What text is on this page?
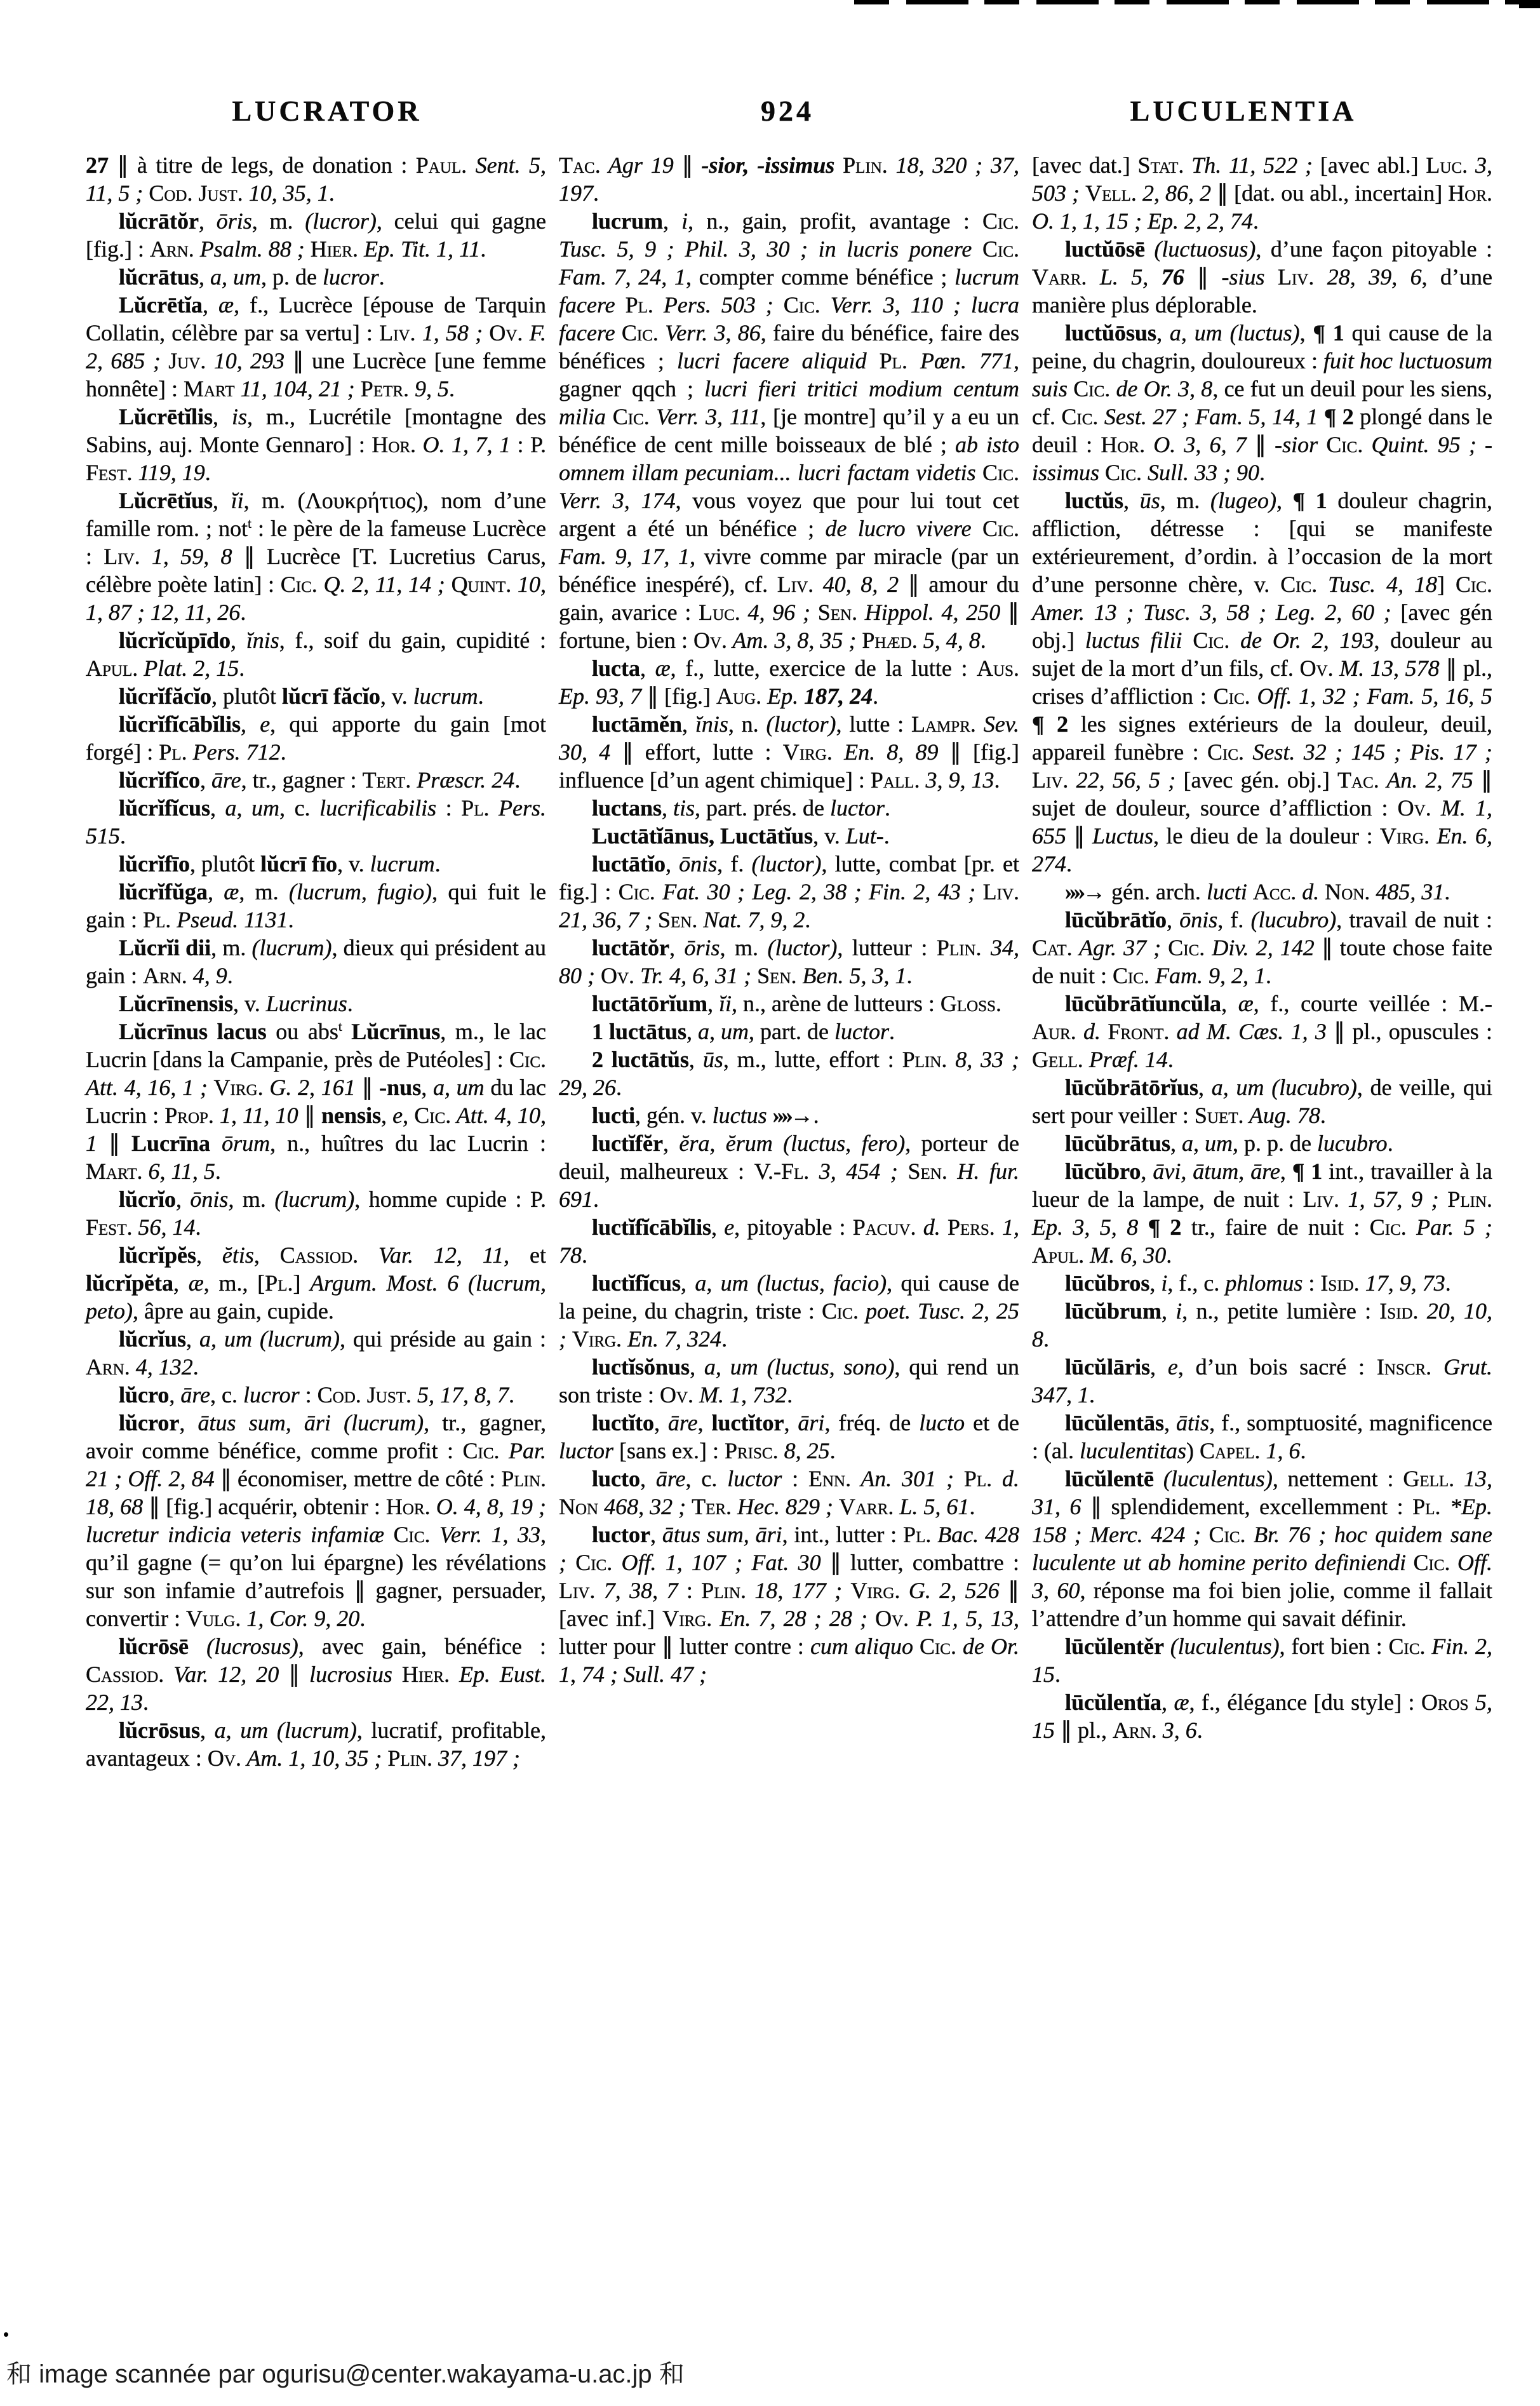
LUCRATOR	924	LUCULENTIA

27 ∥ à titre de legs, de donation : Paul. Sent. 5, 11, 5 ; Cod. Just. 10, 35, 1.

lŭcrātŏr, ōris, m. (lucror), celui qui gagne [fig.] : Arn. Psalm. 88 ; Hier. Ep. Tit. 1, 11.

lŭcrātus, a, um, p. de lucror.

Lŭcrētĭa, æ, f., Lucrèce [épouse de Tarquin Collatin, célèbre par sa vertu] : Liv. 1, 58 ; Ov. F. 2, 685 ; Juv. 10, 293 ∥ une Lucrèce [une femme honnête] : Mart 11, 104, 21 ; Petr. 9, 5.

Lŭcrētĭlis, is, m., Lucrétile [montagne des Sabins, auj. Monte Gennaro] : Hor. O. 1, 7, 1 : P. Fest. 119, 19.

Lŭcrētĭus, ĭi, m. (Λουκρήτιος), nom d’une famille rom. ; not$^t$ : le père de la fameuse Lucrèce : Liv. 1, 59, 8 ∥ Lucrèce [T. Lucretius Carus, célèbre poète latin] : Cic. Q. 2, 11, 14 ; Quint. 10, 1, 87 ; 12, 11, 26.

lŭcrĭcŭpīdo, ĭnis, f., soif du gain, cupidité : Apul. Plat. 2, 15.

lŭcrĭfăcĭo, plutôt lŭcrī făcĭo, v. lucrum.

lŭcrĭfĭcābĭlis, e, qui apporte du gain [mot forgé] : Pl. Pers. 712.

lŭcrĭfĭco, āre, tr., gagner : Tert. Præscr. 24.

lŭcrĭfĭcus, a, um, c. lucrificabilis : Pl. Pers. 515.

lŭcrĭfīo, plutôt lŭcrī fīo, v. lucrum.

lŭcrĭfŭga, æ, m. (lucrum, fugio), qui fuit le gain : Pl. Pseud. 1131.

Lŭcrĭi dii, m. (lucrum), dieux qui président au gain : Arn. 4, 9.

Lŭcrīnensis, v. Lucrinus.

Lŭcrīnus lacus ou abs$^t$ Lŭcrīnus, m., le lac Lucrin [dans la Campanie, près de Putéoles] : Cic. Att. 4, 16, 1 ; Virg. G. 2, 161 ∥ -nus, a, um du lac Lucrin : Prop. 1, 11, 10 ∥ nensis, e, Cic. Att. 4, 10, 1 ∥ Lucrīna ōrum, n., huîtres du lac Lucrin : Mart. 6, 11, 5.

lŭcrĭo, ōnis, m. (lucrum), homme cupide : P. Fest. 56, 14.

lŭcrĭpĕs, ĕtis, Cassiod. Var. 12, 11, et lŭcrĭpĕta, æ, m., [Pl.] Argum. Most. 6 (lucrum, peto), âpre au gain, cupide.

lŭcrĭus, a, um (lucrum), qui préside au gain : Arn. 4, 132.

lŭcro, āre, c. lucror : Cod. Just. 5, 17, 8, 7.

lŭcror, ātus sum, āri (lucrum), tr., gagner, avoir comme bénéfice, comme profit : Cic. Par. 21 ; Off. 2, 84 ∥ économiser, mettre de côté : Plin. 18, 68 ∥ [fig.] acquérir, obtenir : Hor. O. 4, 8, 19 ; lucretur indicia veteris infamiæ Cic. Verr. 1, 33, qu’il gagne (= qu’on lui épargne) les révélations sur son infamie d’autrefois ∥ gagner, persuader, convertir : Vulg. 1, Cor. 9, 20.

lŭcrōsē (lucrosus), avec gain, bénéfice : Cassiod. Var. 12, 20 ∥ lucrosius Hier. Ep. Eust. 22, 13.

lŭcrōsus, a, um (lucrum), lucratif, profitable, avantageux : Ov. Am. 1, 10, 35 ; Plin. 37, 197 ;

Tac. Agr 19 ∥ -sior, -issimus Plin. 18, 320 ; 37, 197.

lucrum, i, n., gain, profit, avantage : Cic. Tusc. 5, 9 ; Phil. 3, 30 ; in lucris ponere Cic. Fam. 7, 24, 1, compter comme bénéfice ; lucrum facere Pl. Pers. 503 ; Cic. Verr. 3, 110 ; lucra facere Cic. Verr. 3, 86, faire du bénéfice, faire des bénéfices ; lucri facere aliquid Pl. Pœn. 771, gagner qqch ; lucri fieri tritici modium centum milia Cic. Verr. 3, 111, [je montre] qu’il y a eu un bénéfice de cent mille boisseaux de blé ; ab isto omnem illam pecuniam... lucri factam videtis Cic. Verr. 3, 174, vous voyez que pour lui tout cet argent a été un bénéfice ; de lucro vivere Cic. Fam. 9, 17, 1, vivre comme par miracle (par un bénéfice inespéré), cf. Liv. 40, 8, 2 ∥ amour du gain, avarice : Luc. 4, 96 ; Sen. Hippol. 4, 250 ∥ fortune, bien : Ov. Am. 3, 8, 35 ; Phæd. 5, 4, 8.

lucta, æ, f., lutte, exercice de la lutte : Aus. Ep. 93, 7 ∥ [fig.] Aug. Ep. 187, 24.

luctāměn, ĭnis, n. (luctor), lutte : Lampr. Sev. 30, 4 ∥ effort, lutte : Virg. En. 8, 89 ∥ [fig.] influence [d’un agent chimique] : Pall. 3, 9, 13.

luctans, tis, part. prés. de luctor.

Luctātĭānus, Luctātĭus, v. Lut-.

luctātĭo, ōnis, f. (luctor), lutte, combat [pr. et fig.] : Cic. Fat. 30 ; Leg. 2, 38 ; Fin. 2, 43 ; Liv. 21, 36, 7 ; Sen. Nat. 7, 9, 2.

luctātŏr, ōris, m. (luctor), lutteur : Plin. 34, 80 ; Ov. Tr. 4, 6, 31 ; Sen. Ben. 5, 3, 1.

luctātōrĭum, ĭi, n., arène de lutteurs : Gloss.

1 luctātus, a, um, part. de luctor.

2 luctātŭs, ūs, m., lutte, effort : Plin. 8, 33 ; 29, 26.

lucti, gén. v. luctus »»→ .

luctĭfĕr, ĕra, ĕrum (luctus, fero), porteur de deuil, malheureux : V.-Fl. 3, 454 ; Sen. H. fur. 691.

luctĭfĭcābĭlis, e, pitoyable : Pacuv. d. Pers. 1, 78.

luctĭfĭcus, a, um (luctus, facio), qui cause de la peine, du chagrin, triste : Cic. poet. Tusc. 2, 25 ; Virg. En. 7, 324.

luctĭsŏnus, a, um (luctus, sono), qui rend un son triste : Ov. M. 1, 732.

luctĭto, āre, luctĭtor, āri, fréq. de lucto et de luctor [sans ex.] : Prisc. 8, 25.

lucto, āre, c. luctor : Enn. An. 301 ; Pl. d. Non 468, 32 ; Ter. Hec. 829 ; Varr. L. 5, 61.

luctor, ātus sum, āri, int., lutter : Pl. Bac. 428 ; Cic. Off. 1, 107 ; Fat. 30 ∥ lutter, combattre : Liv. 7, 38, 7 : Plin. 18, 177 ; Virg. G. 2, 526 ∥ [avec inf.] Virg. En. 7, 28 ; 28 ; Ov. P. 1, 5, 13, lutter pour ∥ lutter contre : cum aliquo Cic. de Or. 1, 74 ; Sull. 47 ;

[avec dat.] Stat. Th. 11, 522 ; [avec abl.] Luc. 3, 503 ; Vell. 2, 86, 2 ∥ [dat. ou abl., incertain] Hor. O. 1, 1, 15 ; Ep. 2, 2, 74.

luctŭōsē (luctuosus), d’une façon pitoyable : Varr. L. 5, 76 ∥ -sius Liv. 28, 39, 6, d’une manière plus déplorable.

luctŭōsus, a, um (luctus), ¶ 1 qui cause de la peine, du chagrin, douloureux : fuit hoc luctuosum suis Cic. de Or. 3, 8, ce fut un deuil pour les siens, cf. Cic. Sest. 27 ; Fam. 5, 14, 1 ¶ 2 plongé dans le deuil : Hor. O. 3, 6, 7 ∥ -sior Cic. Quint. 95 ; -issimus Cic. Sull. 33 ; 90.

luctŭs, ūs, m. (lugeo), ¶ 1 douleur chagrin, affliction, détresse : [qui se manifeste extérieurement, d’ordin. à l’occasion de la mort d’une personne chère, v. Cic. Tusc. 4, 18] Cic. Amer. 13 ; Tusc. 3, 58 ; Leg. 2, 60 ; [avec gén obj.] luctus filii Cic. de Or. 2, 193, douleur au sujet de la mort d’un fils, cf. Ov. M. 13, 578 ∥ pl., crises d’affliction : Cic. Off. 1, 32 ; Fam. 5, 16, 5 ¶ 2 les signes extérieurs de la douleur, deuil, appareil funèbre : Cic. Sest. 32 ; 145 ; Pis. 17 ; Liv. 22, 56, 5 ; [avec gén. obj.] Tac. An. 2, 75 ∥ sujet de douleur, source d’affliction : Ov. M. 1, 655 ∥ Luctus, le dieu de la douleur : Virg. En. 6, 274.

»»→ gén. arch. lucti Acc. d. Non. 485, 31.

lūcŭbrātĭo, ōnis, f. (lucubro), travail de nuit : Cat. Agr. 37 ; Cic. Div. 2, 142 ∥ toute chose faite de nuit : Cic. Fam. 9, 2, 1.

lūcŭbrātĭuncŭla, æ, f., courte veillée : M.-Aur. d. Front. ad M. Cæs. 1, 3 ∥ pl., opuscules : Gell. Præf. 14.

lūcŭbrātōrĭus, a, um (lucubro), de veille, qui sert pour veiller : Suet. Aug. 78.

lūcŭbrātus, a, um, p. p. de lucubro.

lūcŭbro, āvi, ātum, āre, ¶ 1 int., travailler à la lueur de la lampe, de nuit : Liv. 1, 57, 9 ; Plin. Ep. 3, 5, 8 ¶ 2 tr., faire de nuit : Cic. Par. 5 ; Apul. M. 6, 30.

lūcŭbros, i, f., c. phlomus : Isid. 17, 9, 73.

lūcŭbrum, i, n., petite lumière : Isid. 20, 10, 8.

lūcŭlāris, e, d’un bois sacré : Inscr. Grut. 347, 1.

lūcŭlentās, ātis, f., somptuosité, magnificence : (al. luculentitas) Capel. 1, 6.

lūcŭlentē (luculentus), nettement : Gell. 13, 31, 6 ∥ splendidement, excellemment : Pl. *Ep. 158 ; Merc. 424 ; Cic. Br. 76 ; hoc quidem sane luculente ut ab homine perito definiendi Cic. Off. 3, 60, réponse ma foi bien jolie, comme il fallait l’attendre d’un homme qui savait définir.

lūcŭlentěr (luculentus), fort bien : Cic. Fin. 2, 15.

lūcŭlentĭa, æ, f., élégance [du style] : Oros 5, 15 ∥ pl., Arn. 3, 6.

和 image scannée par ogurisu@center.wakayama-u.ac.jp 和
